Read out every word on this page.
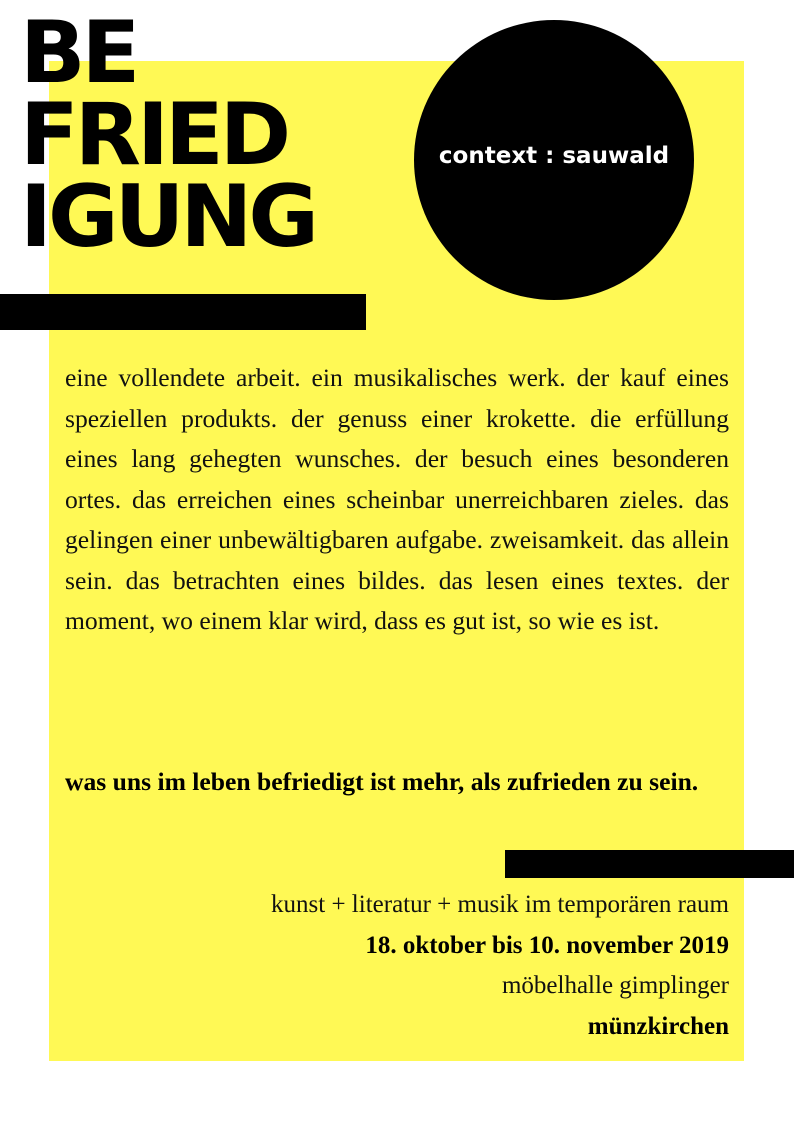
BE
FRIED
IGUNG
context : sauwald

eine vollendete arbeit. ein musikalisches werk. der kauf eines speziellen produkts. der genuss einer krokette. die erfüllung eines lang gehegten wunsches. der besuch eines besonderen ortes. das erreichen eines scheinbar unerreichbaren zieles. das gelingen einer unbewältigbaren aufgabe. zweisamkeit. das allein sein. das betrachten eines bildes. das lesen eines textes. der moment, wo einem klar wird, dass es gut ist, so wie es ist.

was uns im leben befriedigt ist mehr, als zufrieden zu sein.

kunst + literatur + musik im temporären raum
18. oktober bis 10. november 2019
möbelhalle gimplinger
münzkirchen
